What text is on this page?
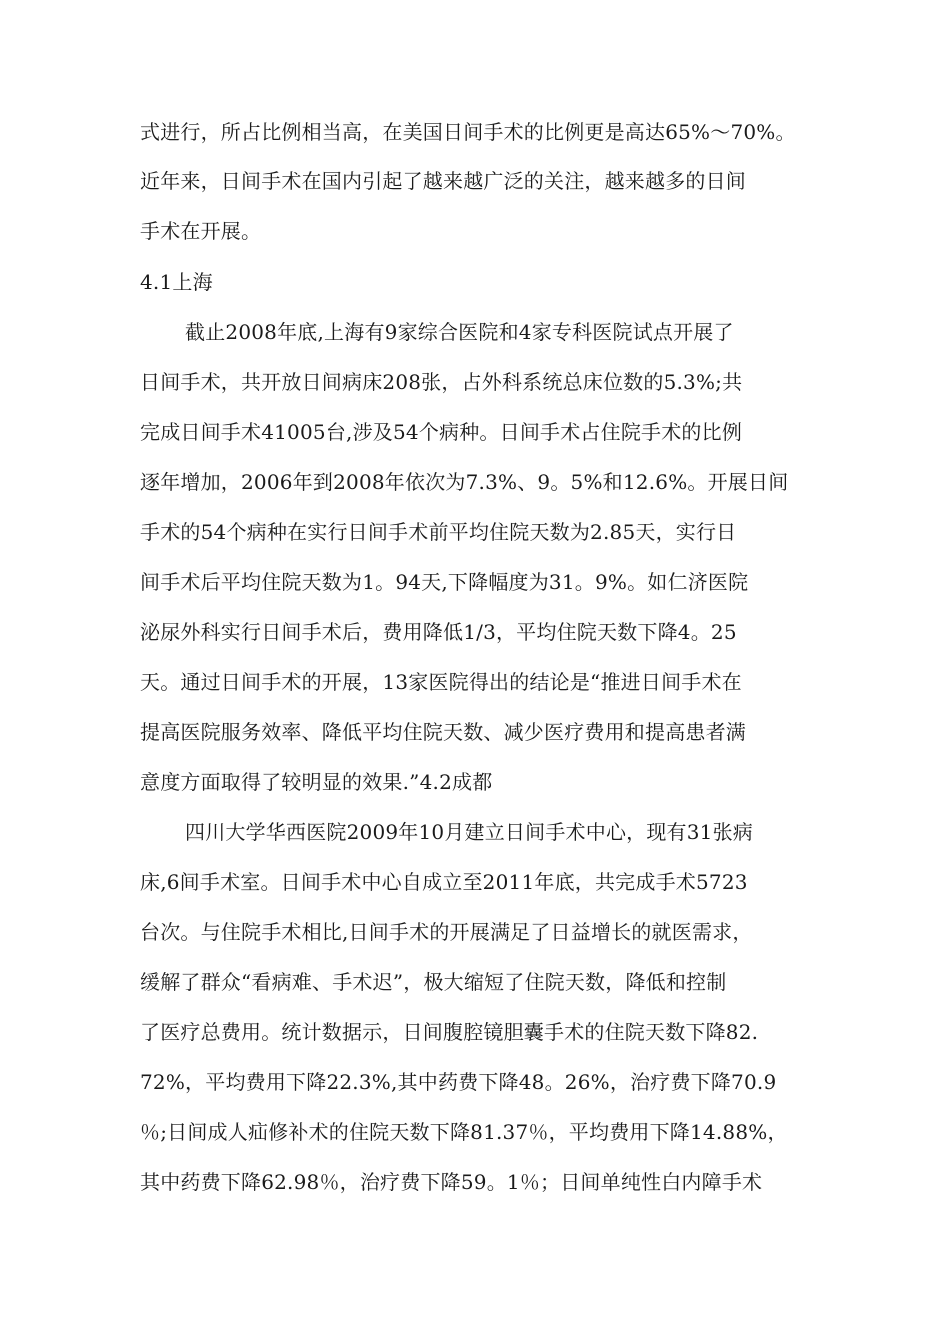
式进行，所占比例相当高，在美国日间手术的比例更是高达65%～70%。
近年来，日间手术在国内引起了越来越广泛的关注，越来越多的日间
手术在开展。
4.1上海
截止2008年底,上海有9家综合医院和4家专科医院试点开展了
日间手术，共开放日间病床208张，占外科系统总床位数的5.3%;共
完成日间手术41005台,涉及54个病种。日间手术占住院手术的比例
逐年增加，2006年到2008年依次为7.3%、9。5%和12.6%。开展日间
手术的54个病种在实行日间手术前平均住院天数为2.85天，实行日
间手术后平均住院天数为1。94天,下降幅度为31。9%。如仁济医院
泌尿外科实行日间手术后，费用降低1/3，平均住院天数下降4。25
天。通过日间手术的开展，13家医院得出的结论是“推进日间手术在
提高医院服务效率、降低平均住院天数、减少医疗费用和提高患者满
意度方面取得了较明显的效果.”4.2成都
四川大学华西医院2009年10月建立日间手术中心，现有31张病
床,6间手术室。日间手术中心自成立至2011年底，共完成手术5723
台次。与住院手术相比,日间手术的开展满足了日益增长的就医需求，
缓解了群众“看病难、手术迟”，极大缩短了住院天数，降低和控制
了医疗总费用。统计数据示，日间腹腔镜胆囊手术的住院天数下降82.
72%，平均费用下降22.3%,其中药费下降48。26%，治疗费下降70.9
％;日间成人疝修补术的住院天数下降81.37％，平均费用下降14.88%，
其中药费下降62.98％，治疗费下降59。1％；日间单纯性白内障手术
